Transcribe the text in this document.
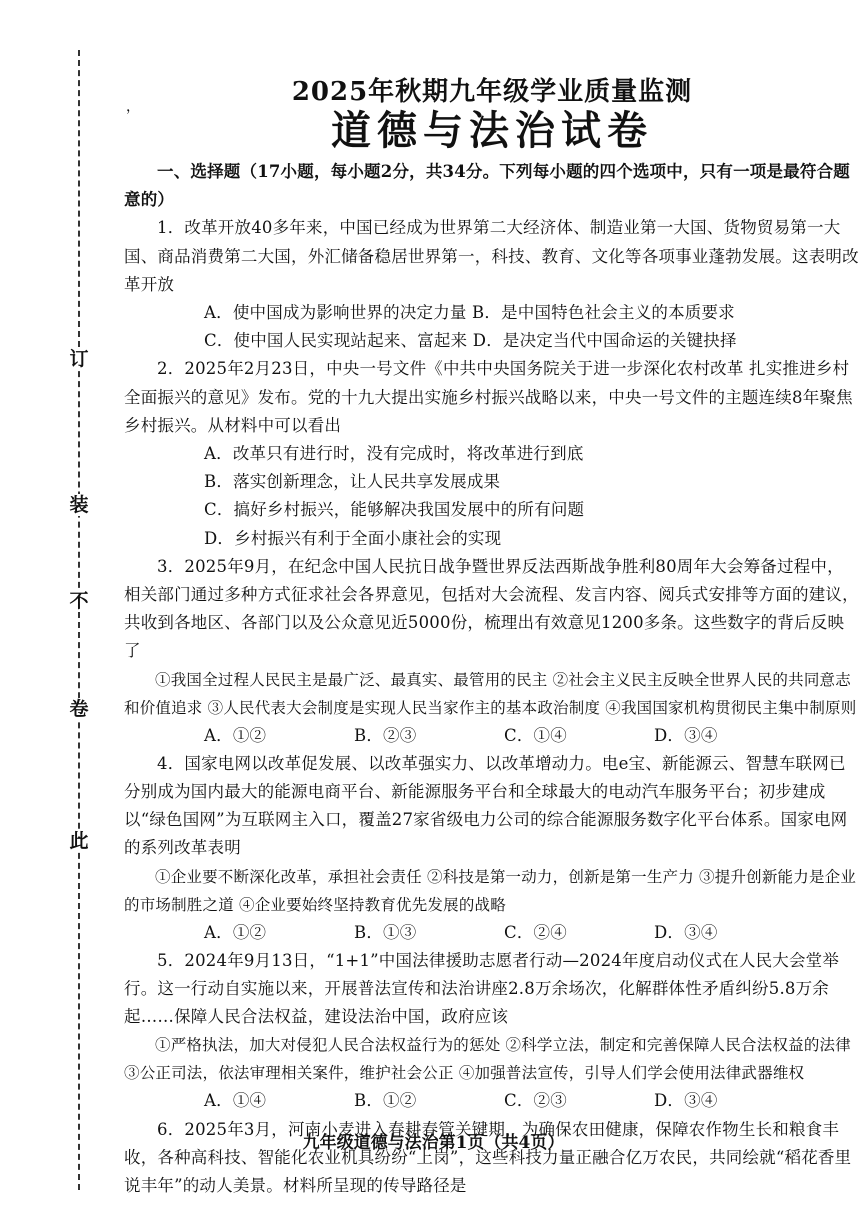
订
装
不
卷
此
，	2025年秋期九年级学业质量监测
道德与法治试卷

一、选择题（17小题，每小题2分，共34分。下列每小题的四个选项中，只有一项是最符合题意的）

1．改革开放40多年来，中国已经成为世界第二大经济体、制造业第一大国、货物贸易第一大国、商品消费第二大国，外汇储备稳居世界第一，科技、教育、文化等各项事业蓬勃发展。这表明改革开放

A．使中国成为影响世界的决定力量 B．是中国特色社会主义的本质要求

C．使中国人民实现站起来、富起来 D．是决定当代中国命运的关键抉择

2．2025年2月23日，中央一号文件《中共中央国务院关于进一步深化农村改革 扎实推进乡村全面振兴的意见》发布。党的十九大提出实施乡村振兴战略以来，中央一号文件的主题连续8年聚焦乡村振兴。从材料中可以看出

A．改革只有进行时，没有完成时，将改革进行到底

B．落实创新理念，让人民共享发展成果

C．搞好乡村振兴，能够解决我国发展中的所有问题

D．乡村振兴有利于全面小康社会的实现

3．2025年9月，在纪念中国人民抗日战争暨世界反法西斯战争胜利80周年大会筹备过程中，相关部门通过多种方式征求社会各界意见，包括对大会流程、发言内容、阅兵式安排等方面的建议，共收到各地区、各部门以及公众意见近5000份，梳理出有效意见1200多条。这些数字的背后反映了

①我国全过程人民民主是最广泛、最真实、最管用的民主 ②社会主义民主反映全世界人民的共同意志和价值追求 ③人民代表大会制度是实现人民当家作主的基本政治制度 ④我国国家机构贯彻民主集中制原则

A．①②	B．②③	C．①④	D．③④

4．国家电网以改革促发展、以改革强实力、以改革增动力。电e宝、新能源云、智慧车联网已分别成为国内最大的能源电商平台、新能源服务平台和全球最大的电动汽车服务平台；初步建成以“绿色国网”为互联网主入口，覆盖27家省级电力公司的综合能源服务数字化平台体系。国家电网的系列改革表明

①企业要不断深化改革，承担社会责任 ②科技是第一动力，创新是第一生产力 ③提升创新能力是企业的市场制胜之道 ④企业要始终坚持教育优先发展的战略

A．①②	B．①③	C．②④	D．③④

5．2024年9月13日，“1+1”中国法律援助志愿者行动—2024年度启动仪式在人民大会堂举行。这一行动自实施以来，开展普法宣传和法治讲座2.8万余场次，化解群体性矛盾纠纷5.8万余起……保障人民合法权益，建设法治中国，政府应该

①严格执法，加大对侵犯人民合法权益行为的惩处 ②科学立法，制定和完善保障人民合法权益的法律 ③公正司法，依法审理相关案件，维护社会公正 ④加强普法宣传，引导人们学会使用法律武器维权

A．①④	B．①②	C．②③	D．③④

6．2025年3月，河南小麦进入春耕春管关键期，为确保农田健康，保障农作物生长和粮食丰收，各种高科技、智能化农业机具纷纷“上岗”，这些科技力量正融合亿万农民，共同绘就“稻花香里说丰年”的动人美景。材料所呈现的传导路径是

九年级道德与法治第1页（共4页）
